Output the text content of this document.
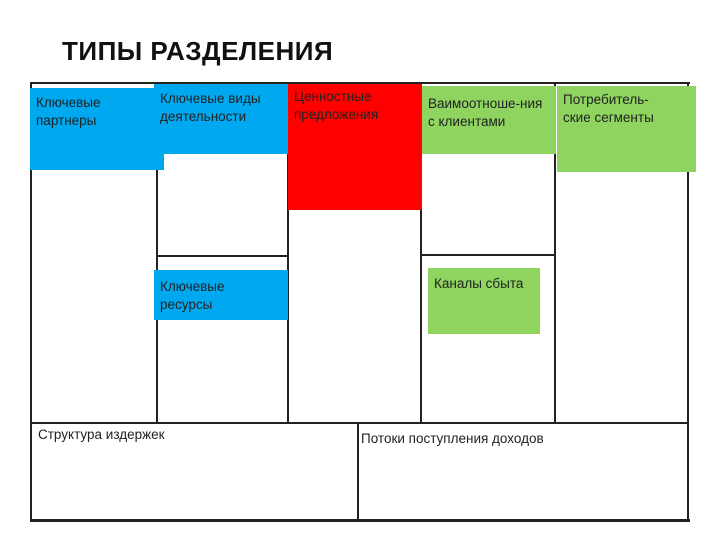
ТИПЫ РАЗДЕЛЕНИЯ
Ключевые партнеры
Ключевые виды деятельности
Ценностные предложения
Ваимоотноше-ния с клиентами
Потребитель-ские сегменты
Ключевые ресурсы
Каналы сбыта
Структура издержек	Потоки поступления доходов
